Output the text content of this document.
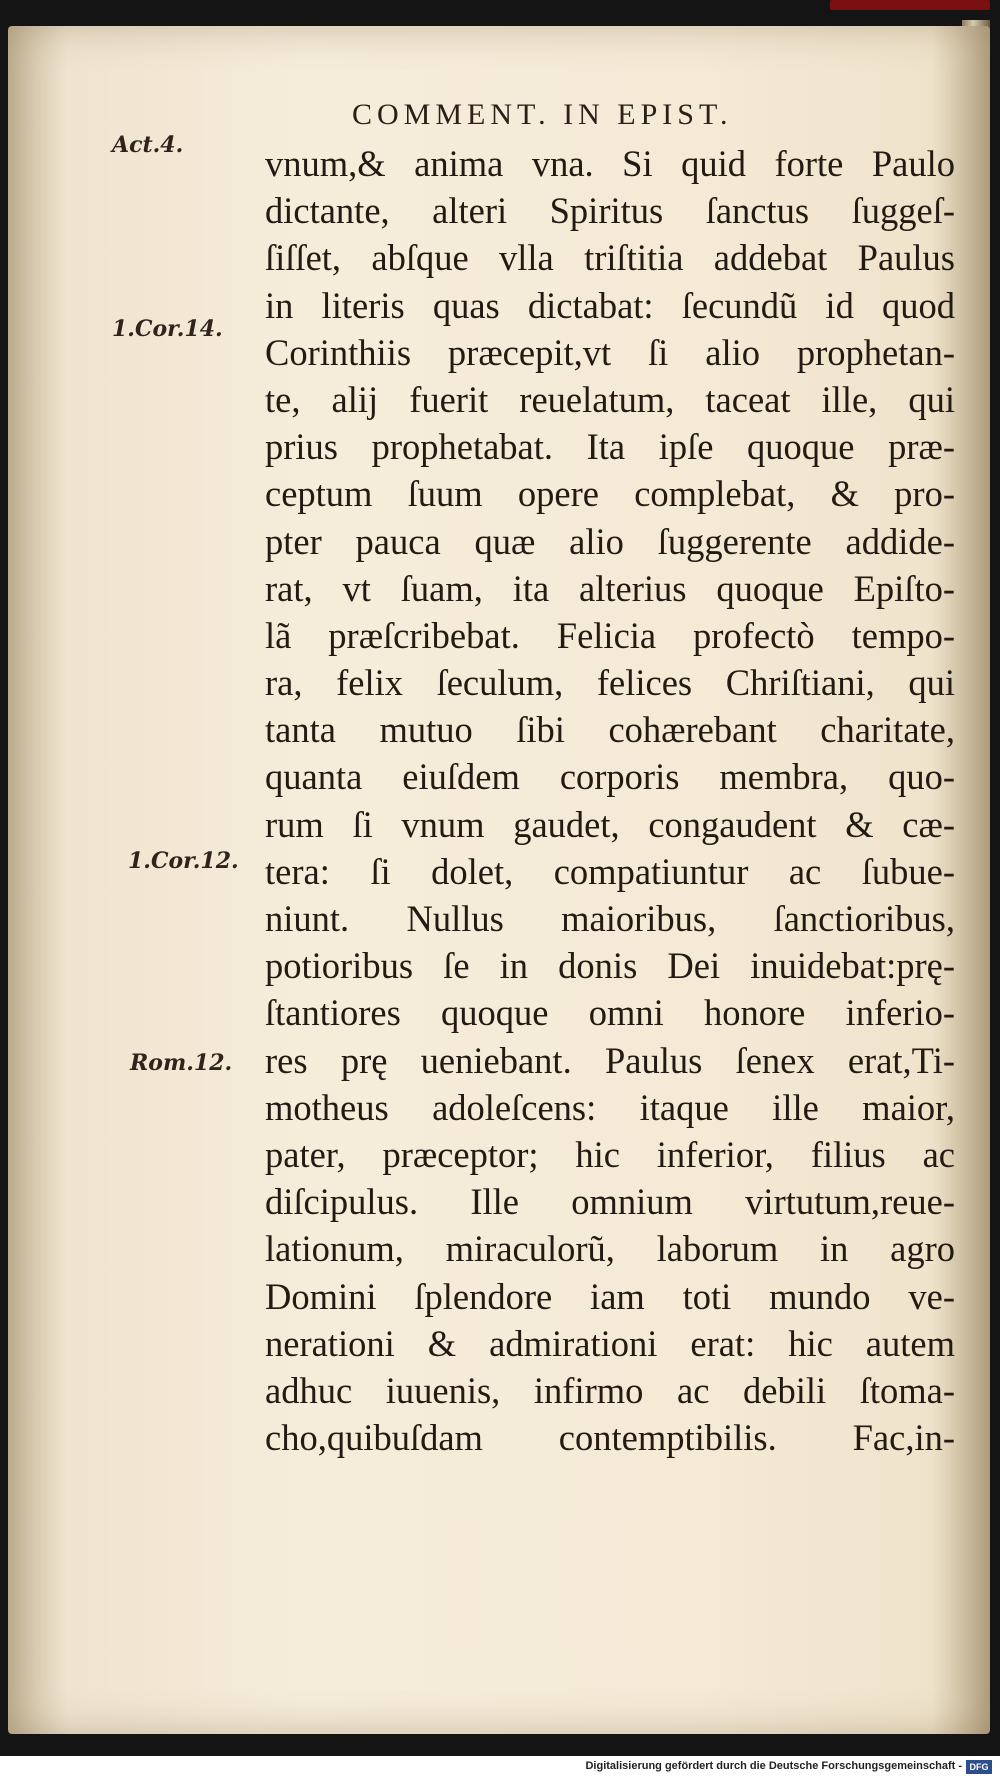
COMMENT. IN EPIST.
Act.4.
1.Cor.14.
1.Cor.12.
Rom.12.
vnum,& anima vna. Si quid forte Paulo
dictante, alteri Spiritus ſanctus ſuggeſ-
ſiſſet, abſque vlla triſtitia addebat Paulus
in literis quas dictabat: ſecundũ id quod
Corinthiis præcepit,vt ſi alio prophetan-
te, alij fuerit reuelatum, taceat ille, qui
prius prophetabat. Ita ipſe quoque præ-
ceptum ſuum opere complebat, & pro-
pter pauca quæ alio ſuggerente addide-
rat, vt ſuam, ita alterius quoque Epiſto-
lã præſcribebat. Felicia profectò tempo-
ra, felix ſeculum, felices Chriſtiani, qui
tanta mutuo ſibi cohærebant charitate,
quanta eiuſdem corporis membra, quo-
rum ſi vnum gaudet, congaudent & cæ-
tera: ſi dolet, compatiuntur ac ſubue-
niunt. Nullus maioribus, ſanctioribus,
potioribus ſe in donis Dei inuidebat:prę-
ſtantiores quoque omni honore inferio-
res prę ueniebant. Paulus ſenex erat,Ti-
motheus adoleſcens: itaque ille maior,
pater, præceptor; hic inferior, filius ac
diſcipulus. Ille omnium virtutum,reue-
lationum, miraculorũ, laborum in agro
Domini ſplendore iam toti mundo ve-
nerationi & admirationi erat: hic autem
adhuc iuuenis, infirmo ac debili ſtoma-
cho,quibuſdam contemptibilis. Fac,in-
Digitalisierung gefördert durch die Deutsche Forschungsgemeinschaft - DFG
